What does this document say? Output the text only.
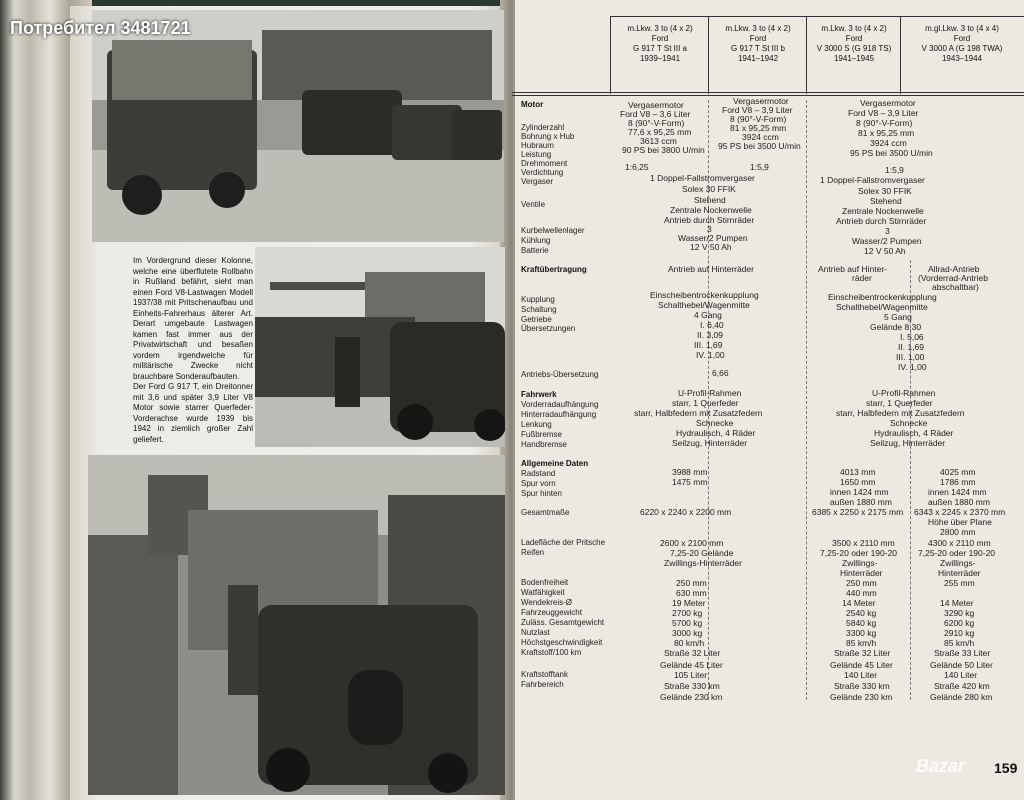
Im Vordergrund dieser Kolonne, welche eine überflutete Rollbahn in Rußland befährt, sieht man einen Ford V8-Lastwagen Modell 1937/38 mit Pritschenaufbau und Einheits-Fahrerhaus älterer Art. Derart umgebaute Lastwagen kamen fast immer aus der Privatwirtschaft und besaßen vordem irgendwelche für militärische Zwecke nicht brauchbare Sonderaufbauten.
Der Ford G 917 T, ein Dreitonner mit 3,6 und später 3,9 Liter V8 Motor sowie starrer Querfeder-Vorderachse wurde 1939 bis 1942 in ziemlich großer Zahl geliefert.
Потребител 3481721	m.Lkw. 3 to (4 x 2)
Ford
G 917 T St III a
1939–1941
m.Lkw. 3 to (4 x 2)
Ford
G 917 T St III b
1941–1942
m.Lkw. 3 to (4 x 2)
Ford
V 3000 S (G 918 TS)
1941–1945
m.gl.Lkw. 3 to (4 x 4)
Ford
V 3000 A (G 198 TWA)
1943–1944
Motor
Zylinderzahl
Bohrung x Hub
Hubraum
Leistung
Drehmoment
Verdichtung
Vergaser
Ventile
Kurbelwellenlager
Kühlung
Batterie
Kraftübertragung
Kupplung
Schaltung
Getriebe
Übersetzungen
Antriebs-Übersetzung
Fahrwerk
Vorderradaufhängung
Hinterradaufhängung
Lenkung
Fußbremse
Handbremse
Allgemeine Daten
Radstand
Spur vorn
Spur hinten
Gesamtmaße
Ladefläche der Pritsche
Reifen
Bodenfreiheit
Watfähigkeit
Wendekreis-Ø
Fahrzeuggewicht
Zuläss. Gesamtgewicht
Nutzlast
Höchstgeschwindigkeit
Kraftstoff/100 km
Kraftstofftank
Fahrbereich
Vergasermotor
Ford V8 – 3,6 Liter
8 (90°-V-Form)
77,6 x 95,25 mm
3613 ccm
90 PS bei 3800 U/min
1:6,25
Vergasermotor
Ford V8 – 3,9 Liter
8 (90°-V-Form)
81 x 95,25 mm
3924 ccm
95 PS bei 3500 U/min
1:5,9
Vergasermotor
Ford V8 – 3,9 Liter
8 (90°-V-Form)
81 x 95,25 mm
3924 ccm
95 PS bei 3500 U/min
1:5,9
1 Doppel-Fallstromvergaser
Solex 30 FFIK
Stehend
Zentrale Nockenwelle
Antrieb durch Stirnräder
3
Wasser/2 Pumpen
12 V 50 Ah
1 Doppel-Fallstromvergaser
Solex 30 FFIK
Stehend
Zentrale Nockenwelle
Antrieb durch Stirnräder
3
Wasser/2 Pumpen
12 V 50 Ah
Antrieb auf Hinterräder	Antrieb auf Hinter-
räder
Allrad-Antrieb
(Vorderrad-Antrieb
abschaltbar)
Einscheibentrockenkupplung
Schalthebel/Wagenmitte
4 Gang
I. 6,40
II. 3,09
III. 1,69
IV. 1,00
6,66
Einscheibentrockenkupplung
Schalthebel/Wagenmitte
5 Gang
Gelände 8,30
I. 5,06
II. 1,69
III. 1,00
IV. 1,00
U-Profil-Rahmen
starr, 1 Querfeder
starr, Halbfedern mit Zusatzfedern
Schnecke
Hydraulisch, 4 Räder
Seilzug, Hinterräder
U-Profil-Rahmen
starr, 1 Querfeder
starr, Halbfedern mit Zusatzfedern
Schnecke
Hydraulisch, 4 Räder
Seilzug, Hinterräder
3988 mm
1475 mm
6220 x 2240 x 2200 mm
2600 x 2100 mm
7,25-20 Gelände
Zwillings-Hinterräder
250 mm
630 mm
19 Meter
2700 kg
5700 kg
3000 kg
80 km/h
Straße 32 Liter
Gelände 45 Liter
105 Liter
Straße 330 km
Gelände 230 km
4013 mm
1650 mm
innen 1424 mm
außen 1880 mm
6385 x 2250 x 2175 mm
3500 x 2110 mm
7,25-20 oder 190-20
Zwillings-
Hinterräder
250 mm
440 mm
14 Meter
2540 kg
5840 kg
3300 kg
85 km/h
Straße 32 Liter
Gelände 45 Liter
140 Liter
Straße 330 km
Gelände 230 km
4025 mm
1786 mm
innen 1424 mm
außen 1880 mm
6343 x 2245 x 2370 mm
Höhe über Plane
2800 mm
4300 x 2110 mm
7,25-20 oder 190-20
Zwillings-
Hinterräder
255 mm
14 Meter
3290 kg
6200 kg
2910 kg
85 km/h
Straße 33 Liter
Gelände 50 Liter
140 Liter
Straße 420 km
Gelände 280 km
159
Bazar
